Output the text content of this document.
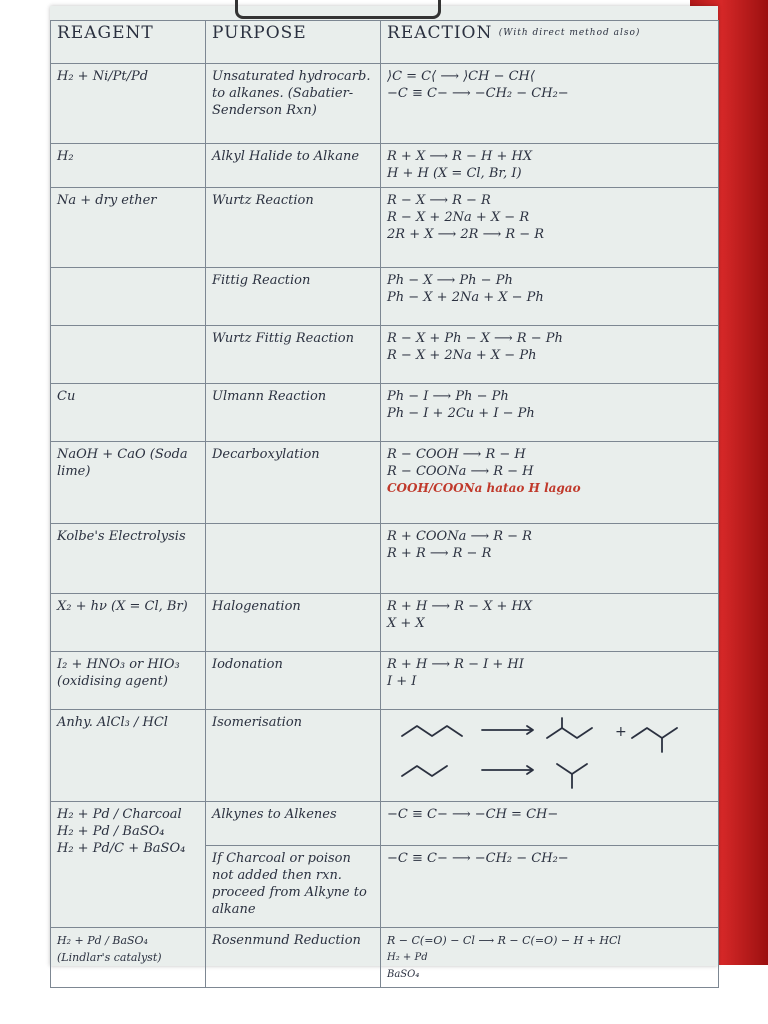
REAGENT	PURPOSE	REACTION $^{(With direct method also)}$
H₂ + Ni/Pt/Pd	Unsaturated hydrocarb. to alkanes. (Sabatier-Senderson Rxn)	⟩C = C⟨ ⟶ ⟩CH − CH⟨
−C ≡ C− ⟶ −CH₂ − CH₂−

H₂	Alkyl Halide to Alkane	R + X ⟶ R − H + HX
H + H (X = Cl, Br, I)

Na + dry ether	Wurtz Reaction	R − X ⟶ R − R
R − X + 2Na + X − R
2R + X ⟶ 2R ⟶ R − R

	Fittig Reaction	Ph − X ⟶ Ph − Ph
Ph − X + 2Na + X − Ph

	Wurtz Fittig Reaction	R − X + Ph − X ⟶ R − Ph
R − X + 2Na + X − Ph

Cu	Ulmann Reaction	Ph − I ⟶ Ph − Ph
Ph − I + 2Cu + I − Ph

NaOH + CaO (Soda lime)	Decarboxylation	R − COOH ⟶ R − H
R − COONa ⟶ R − H
COOH/COONa hatao H lagao

Kolbe's Electrolysis		R + COONa ⟶ R − R
R + R ⟶ R − R

X₂ + hν (X = Cl, Br)	Halogenation	R + H ⟶ R − X + HX
X + X

I₂ + HNO₃ or HIO₃ (oxidising agent)	Iodonation	R + H ⟶ R − I + HI
I + I

Anhy. AlCl₃ / HCl	Isomerisation	+

H₂ + Pd / Charcoal
H₂ + Pd / BaSO₄
H₂ + Pd/C + BaSO₄	Alkynes to Alkenes	−C ≡ C− ⟶ −CH = CH−

	If Charcoal or poison not added then rxn. proceed from Alkyne to alkane	−C ≡ C− ⟶ −CH₂ − CH₂−

H₂ + Pd / BaSO₄ (Lindlar's catalyst)	Rosenmund Reduction	R − C(=O) − Cl ⟶ R − C(=O) − H + HCl
H₂ + Pd
BaSO₄
